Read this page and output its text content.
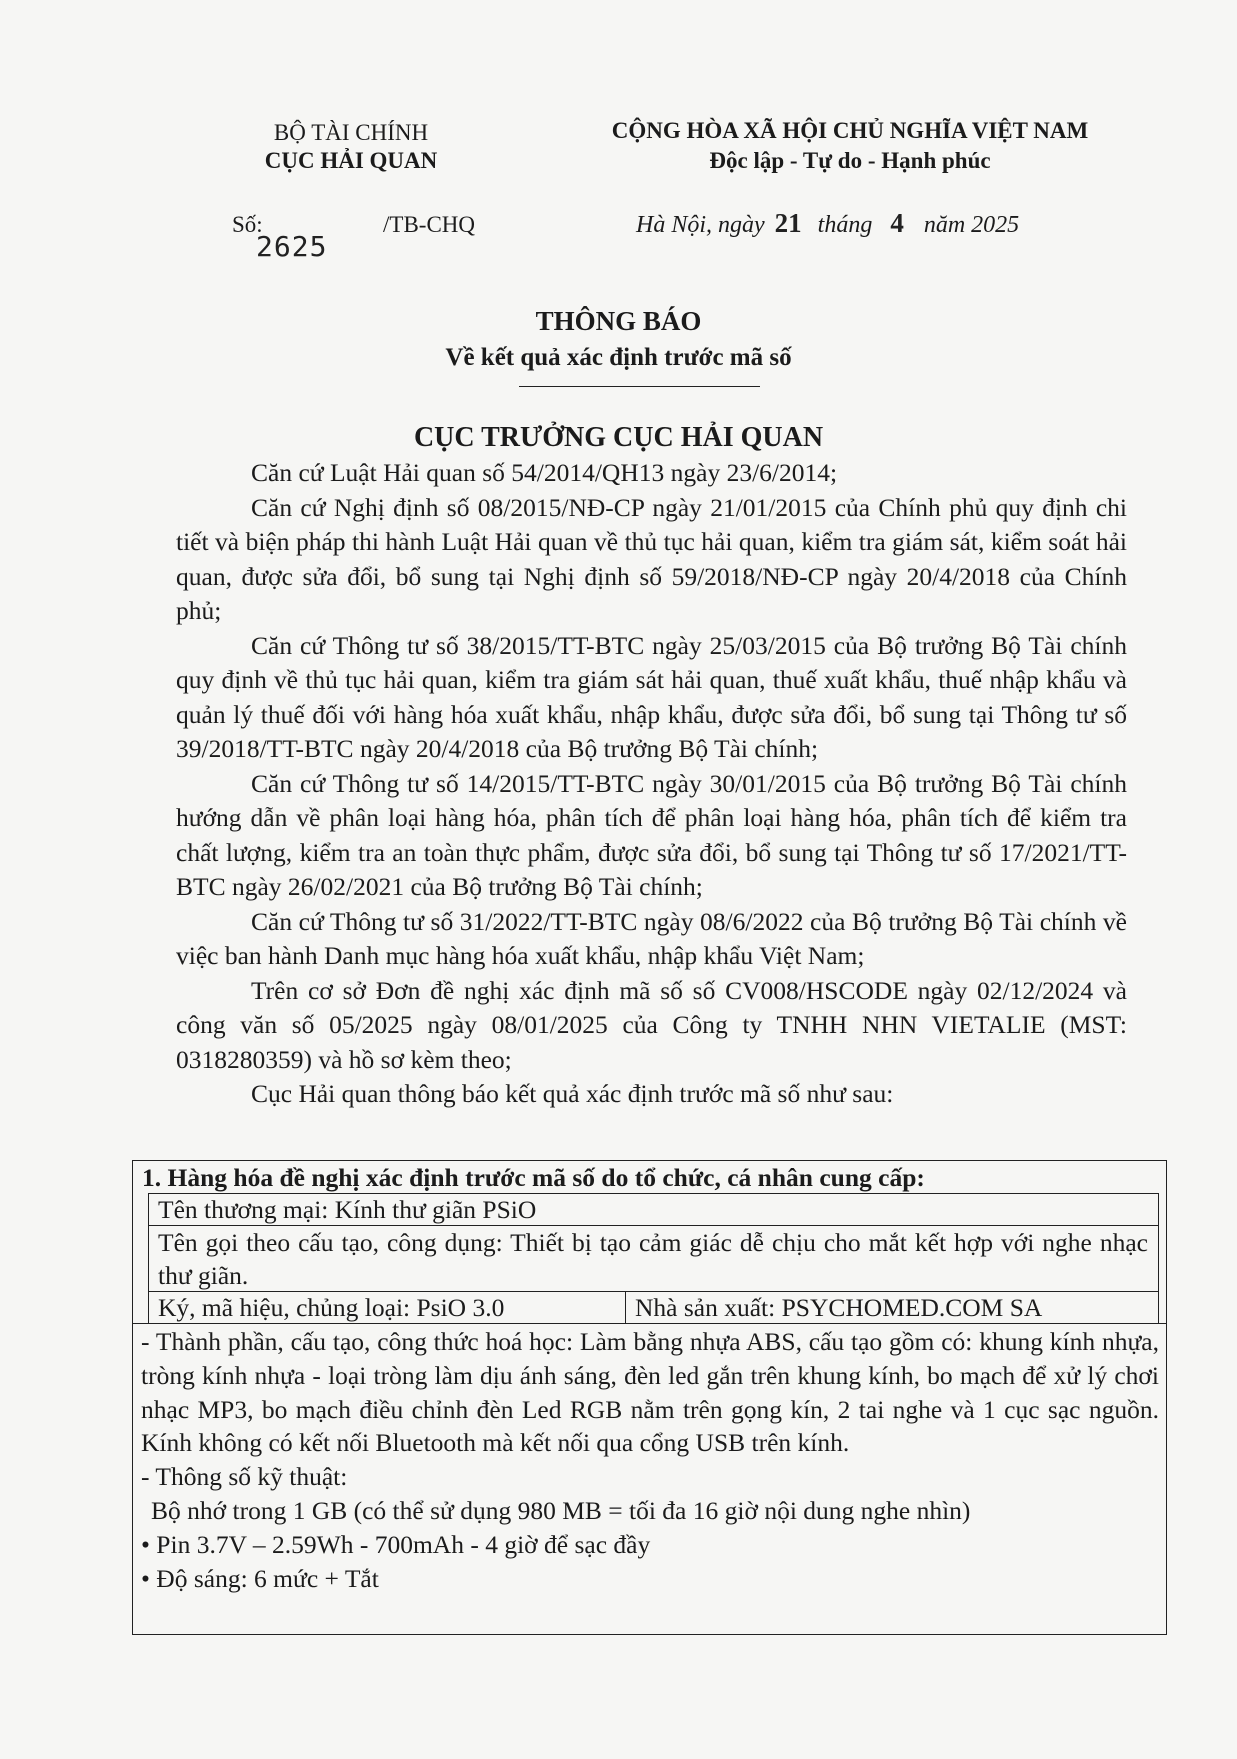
BỘ TÀI CHÍNH
CỤC HẢI QUAN
CỘNG HÒA XÃ HỘI CHỦ NGHĨA VIỆT NAM
Độc lập - Tự do - Hạnh phúc
Số:
2625
/TB-CHQ	Hà Nội, ngày 21 tháng 4 năm 2025
THÔNG BÁO
Về kết quả xác định trước mã số
CỤC TRƯỞNG CỤC HẢI QUAN

Căn cứ Luật Hải quan số 54/2014/QH13 ngày 23/6/2014;

Căn cứ Nghị định số 08/2015/NĐ-CP ngày 21/01/2015 của Chính phủ quy định chi tiết và biện pháp thi hành Luật Hải quan về thủ tục hải quan, kiểm tra giám sát, kiểm soát hải quan, được sửa đổi, bổ sung tại Nghị định số 59/2018/NĐ-CP ngày 20/4/2018 của Chính phủ;

Căn cứ Thông tư số 38/2015/TT-BTC ngày 25/03/2015 của Bộ trưởng Bộ Tài chính quy định về thủ tục hải quan, kiểm tra giám sát hải quan, thuế xuất khẩu, thuế nhập khẩu và quản lý thuế đối với hàng hóa xuất khẩu, nhập khẩu, được sửa đổi, bổ sung tại Thông tư số 39/2018/TT-BTC ngày 20/4/2018 của Bộ trưởng Bộ Tài chính;

Căn cứ Thông tư số 14/2015/TT-BTC ngày 30/01/2015 của Bộ trưởng Bộ Tài chính hướng dẫn về phân loại hàng hóa, phân tích để phân loại hàng hóa, phân tích để kiểm tra chất lượng, kiểm tra an toàn thực phẩm, được sửa đổi, bổ sung tại Thông tư số 17/2021/TT-BTC ngày 26/02/2021 của Bộ trưởng Bộ Tài chính;

Căn cứ Thông tư số 31/2022/TT-BTC ngày 08/6/2022 của Bộ trưởng Bộ Tài chính về việc ban hành Danh mục hàng hóa xuất khẩu, nhập khẩu Việt Nam;

Trên cơ sở Đơn đề nghị xác định mã số số CV008/HSCODE ngày 02/12/2024 và công văn số 05/2025 ngày 08/01/2025 của Công ty TNHH NHN VIETALIE (MST: 0318280359) và hồ sơ kèm theo;

Cục Hải quan thông báo kết quả xác định trước mã số như sau:

1. Hàng hóa đề nghị xác định trước mã số do tổ chức, cá nhân cung cấp:
Tên thương mại: Kính thư giãn PSiO
Tên gọi theo cấu tạo, công dụng: Thiết bị tạo cảm giác dễ chịu cho mắt kết hợp với nghe nhạc thư giãn.
Ký, mã hiệu, chủng loại: PsiO 3.0	Nhà sản xuất: PSYCHOMED.COM SA

- Thành phần, cấu tạo, công thức hoá học: Làm bằng nhựa ABS, cấu tạo gồm có: khung kính nhựa, tròng kính nhựa - loại tròng làm dịu ánh sáng, đèn led gắn trên khung kính, bo mạch để xử lý chơi nhạc MP3, bo mạch điều chỉnh đèn Led RGB nằm trên gọng kín, 2 tai nghe và 1 cục sạc nguồn. Kính không có kết nối Bluetooth mà kết nối qua cổng USB trên kính.

- Thông số kỹ thuật:

Bộ nhớ trong 1 GB (có thể sử dụng 980 MB = tối đa 16 giờ nội dung nghe nhìn)

• Pin 3.7V – 2.59Wh - 700mAh - 4 giờ để sạc đầy

• Độ sáng: 6 mức + Tắt
